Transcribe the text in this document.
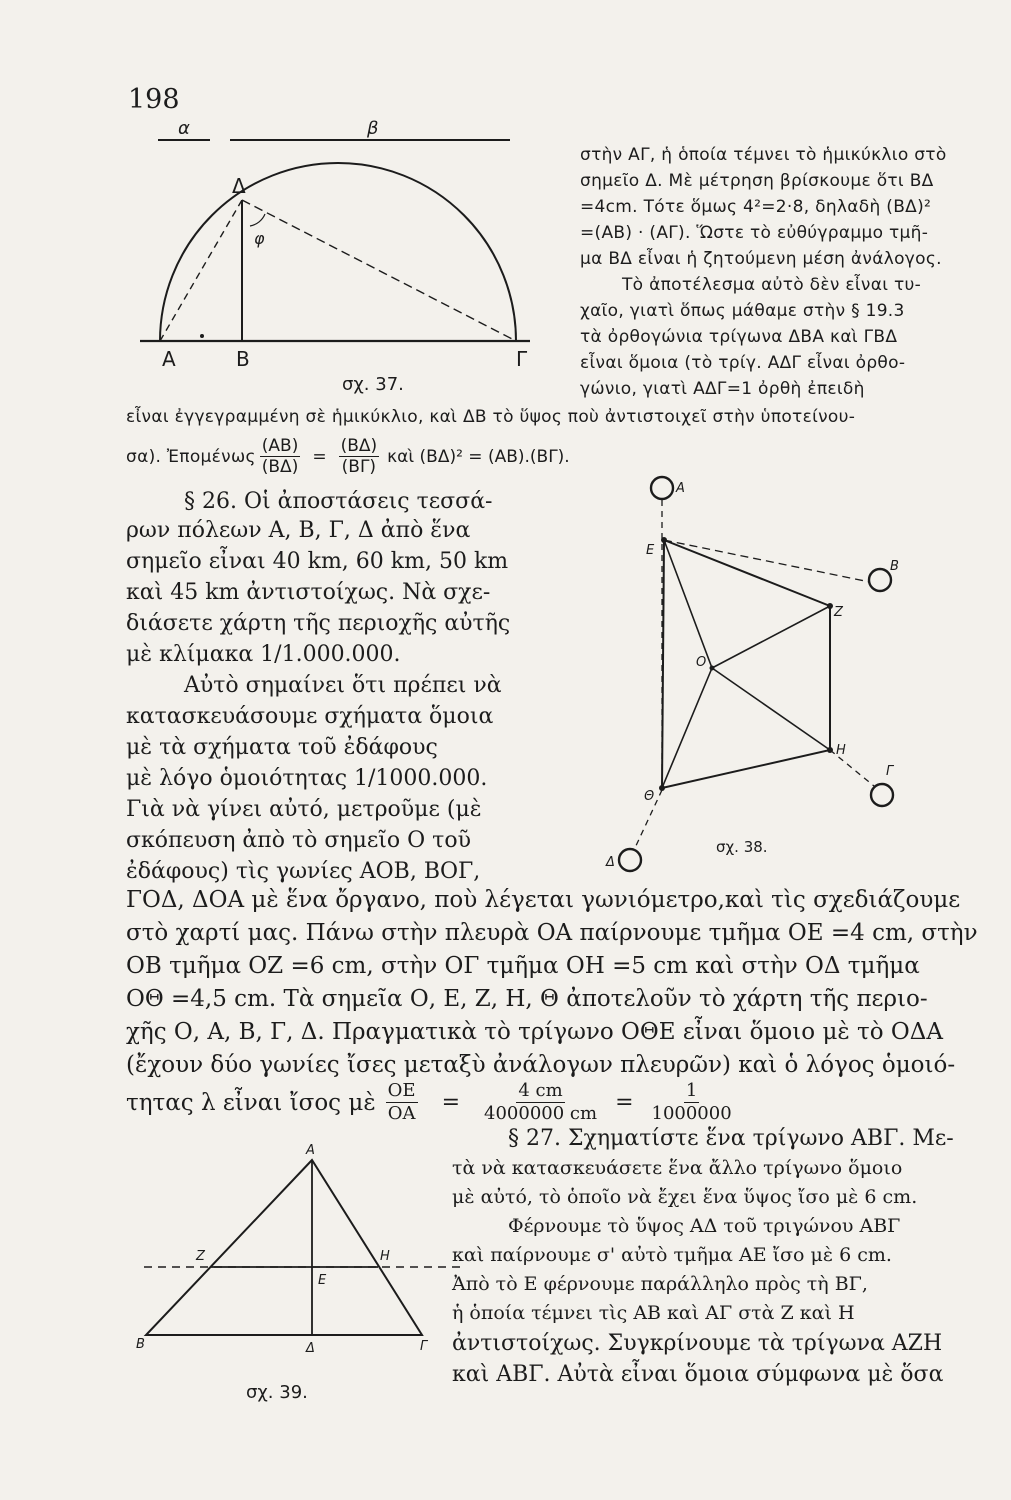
198
α	β
φ
Δ
Α	Β	Γ
σχ. 37.

στὴν ΑΓ, ἡ ὁποία τέμνει τὸ ἡμικύκλιο στὸ

σημεῖο Δ. Μὲ μέτρηση βρίσκουμε ὅτι ΒΔ

=4cm. Τότε ὅμως 4²=2·8, δηλαδὴ (ΒΔ)²

=(ΑΒ) · (ΑΓ). Ὥστε τὸ εὐθύγραμμο τμῆ-

μα ΒΔ εἶναι ἡ ζητούμενη μέση ἀνάλογος.

Τὸ ἀποτέλεσμα αὐτὸ δὲν εἶναι τυ-

χαῖο, γιατὶ ὅπως μάθαμε στὴν § 19.3

τὰ ὀρθογώνια τρίγωνα ΔΒΑ καὶ ΓΒΔ

εἶναι ὅμοια (τὸ τρίγ. ΑΔΓ εἶναι ὀρθο-

γώνιο, γιατὶ ΑΔΓ=1 ὀρθὴ ἐπειδὴ

εἶναι ἐγγεγραμμένη σὲ ἡμικύκλιο, καὶ ΔΒ τὸ ὕψος ποὺ ἀντιστοιχεῖ στὴν ὑποτείνου-

σα). Ἐπομένως $\frac{(AB)}{(B\Delta)} = \frac{(B\Delta)}{(B\Gamma)}$ καὶ (ΒΔ)² = (ΑΒ).(ΒΓ).

§ 26. Οἱ ἀποστάσεις τεσσά-

ρων πόλεων Α, Β, Γ, Δ ἀπὸ ἕνα

σημεῖο εἶναι 40 km, 60 km, 50 km

καὶ 45 km ἀντιστοίχως. Νὰ σχε-

διάσετε χάρτη τῆς περιοχῆς αὐτῆς

μὲ κλίμακα 1/1.000.000.

Αὐτὸ σημαίνει ὅτι πρέπει νὰ

κατασκευάσουμε σχήματα ὅμοια

μὲ τὰ σχήματα τοῦ ἐδάφους

μὲ λόγο ὁμοιότητας 1/1000.000.

Γιὰ νὰ γίνει αὐτό, μετροῦμε (μὲ

σκόπευση ἀπὸ τὸ σημεῖο Ο τοῦ

ἐδάφους) τὶς γωνίες ΑΟΒ, ΒΟΓ,

Α
Β
Γ
Δ
Ε
Ζ
Η
Θ
Ο
σχ. 38.

ΓΟΔ, ΔΟΑ μὲ ἕνα ὄργανο, ποὺ λέγεται γωνιόμετρο,καὶ τὶς σχεδιάζουμε

στὸ χαρτί μας. Πάνω στὴν πλευρὰ ΟΑ παίρνουμε τμῆμα ΟΕ =4 cm, στὴν

ΟΒ τμῆμα ΟΖ =6 cm, στὴν ΟΓ τμῆμα ΟΗ =5 cm καὶ στὴν ΟΔ τμῆμα

ΟΘ =4,5 cm. Τὰ σημεῖα Ο, Ε, Ζ, Η, Θ ἀποτελοῦν τὸ χάρτη τῆς περιο-

χῆς Ο, Α, Β, Γ, Δ. Πραγματικὰ τὸ τρίγωνο ΟΘΕ εἶναι ὅμοιο μὲ τὸ ΟΔΑ

(ἔχουν δύο γωνίες ἴσες μεταξὺ ἀνάλογων πλευρῶν) καὶ ὁ λόγος ὁμοιό-

τητας λ εἶναι ἴσος μὲ $\frac{OE}{OA} = \frac{4 cm}{4000000 cm} = \frac{1}{1000000}$
Α
Ζ	Η
Ε
Β	Δ	Γ
σχ. 39.

§ 27. Σχηματίστε ἕνα τρίγωνο ΑΒΓ. Με-

τὰ νὰ κατασκευάσετε ἕνα ἄλλο τρίγωνο ὅμοιο

μὲ αὐτό, τὸ ὁποῖο νὰ ἔχει ἕνα ὕψος ἴσο μὲ 6 cm.

Φέρνουμε τὸ ὕψος ΑΔ τοῦ τριγώνου ΑΒΓ

καὶ παίρνουμε σ' αὐτὸ τμῆμα ΑΕ ἴσο μὲ 6 cm.

Ἀπὸ τὸ Ε φέρνουμε παράλληλο πρὸς τὴ ΒΓ,

ἡ ὁποία τέμνει τὶς ΑΒ καὶ ΑΓ στὰ Ζ καὶ Η

ἀντιστοίχως. Συγκρίνουμε τὰ τρίγωνα ΑΖΗ

καὶ ΑΒΓ. Αὐτὰ εἶναι ὅμοια σύμφωνα μὲ ὅσα
